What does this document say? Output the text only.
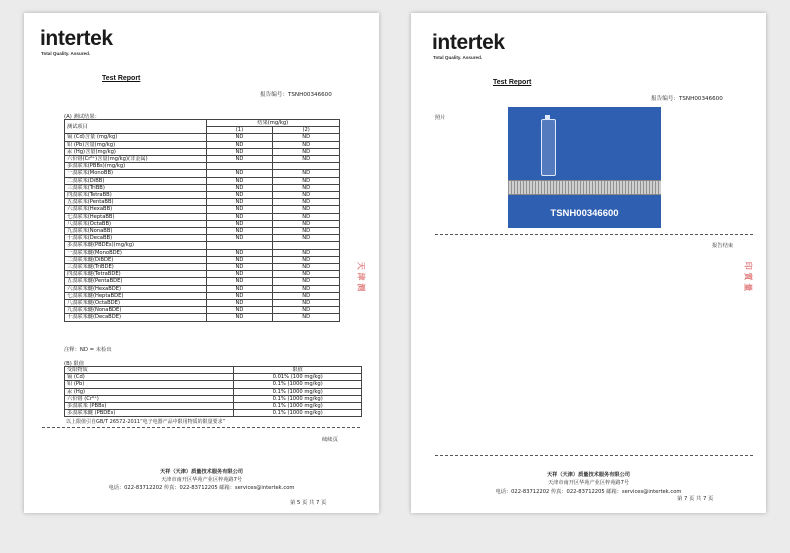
intertek
Total Quality. Assured.
Test Report
报告编号：TSNH00346600
(A) 测试结果：
测试项目	结果(mg/kg)	
	(1)	(2)
镉 (Cd)含量 (mg/kg)	ND	ND
铅 (Pb)含量(mg/kg)	ND	ND
汞 (Hg)含量(mg/kg)	ND	ND
六价铬(Cr⁶⁺)含量(mg/kg)(非金属)	ND	ND
多溴联苯(PBBs)(mg/kg)		
一溴联苯(MonoBB)	ND	ND
二溴联苯(DiBB)	ND	ND
三溴联苯(TriBB)	ND	ND
四溴联苯(TetraBB)	ND	ND
五溴联苯(PentaBB)	ND	ND
六溴联苯(HexaBB)	ND	ND
七溴联苯(HeptaBB)	ND	ND
八溴联苯(OctaBB)	ND	ND
九溴联苯(NonaBB)	ND	ND
十溴联苯(DecaBB)	ND	ND
多溴联苯醚(PBDEs)(mg/kg)		
一溴联苯醚(MonoBDE)	ND	ND
二溴联苯醚(DiBDE)	ND	ND
三溴联苯醚(TriBDE)	ND	ND
四溴联苯醚(TetraBDE)	ND	ND
五溴联苯醚(PentaBDE)	ND	ND
六溴联苯醚(HexaBDE)	ND	ND
七溴联苯醚(HeptaBDE)	ND	ND
八溴联苯醚(OctaBDE)	ND	ND
九溴联苯醚(NonaBDE)	ND	ND
十溴联苯醚(DecaBDE)	ND	ND
注释：ND = 未检出
(B) 限值
受限物质	限值
镉 (Cd)	0.01% (100 mg/kg)
铅 (Pb)	0.1% (1000 mg/kg)
汞 (Hg)	0.1% (1000 mg/kg)
六价铬 (Cr⁶⁺)	0.1% (1000 mg/kg)
多溴联苯 (PBBs)	0.1% (1000 mg/kg)
多溴联苯醚 (PBDEs)	0.1% (1000 mg/kg)
以上限值引自GB/T 26572-2011“电子电器产品中限用物质的限量要求”
续续页
天 津 测
天祥（天津）质量技术服务有限公司
天津市南开区华苑产业区梓苑路7号
电话：022-83712202 传真：022-83712205 邮箱：services@intertek.com
第 5 页 共 7 页
intertek
Total Quality. Assured.
Test Report
报告编号：TSNH00346600
照片
TSNH00346600
报告结束
印 質 量
天祥（天津）质量技术服务有限公司
天津市南开区华苑产业区梓苑路7号
电话：022-83712202 传真：022-83712205 邮箱：services@intertek.com
第 7 页 共 7 页
